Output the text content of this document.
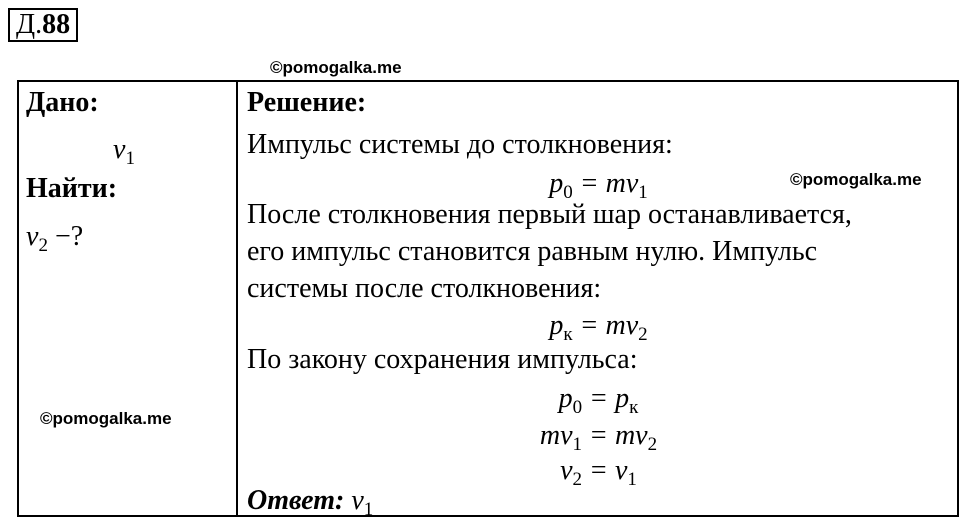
Д.88
©pomogalka.me
Дано:
$v_1$
Найти:
$v_2$ −?
©pomogalka.me
Решение:
Импульс системы до столкновения:
$p_0 = mv_1$
©pomogalka.me
После столкновения первый шар останавливается,
его импульс становится равным нулю. Импульс
системы после столкновения:
$p_к = mv_2$
По закону сохранения импульса:
$p_0 = p_к$
$mv_1 = mv_2$
$v_2 = v_1$
Ответ: $v_1$
